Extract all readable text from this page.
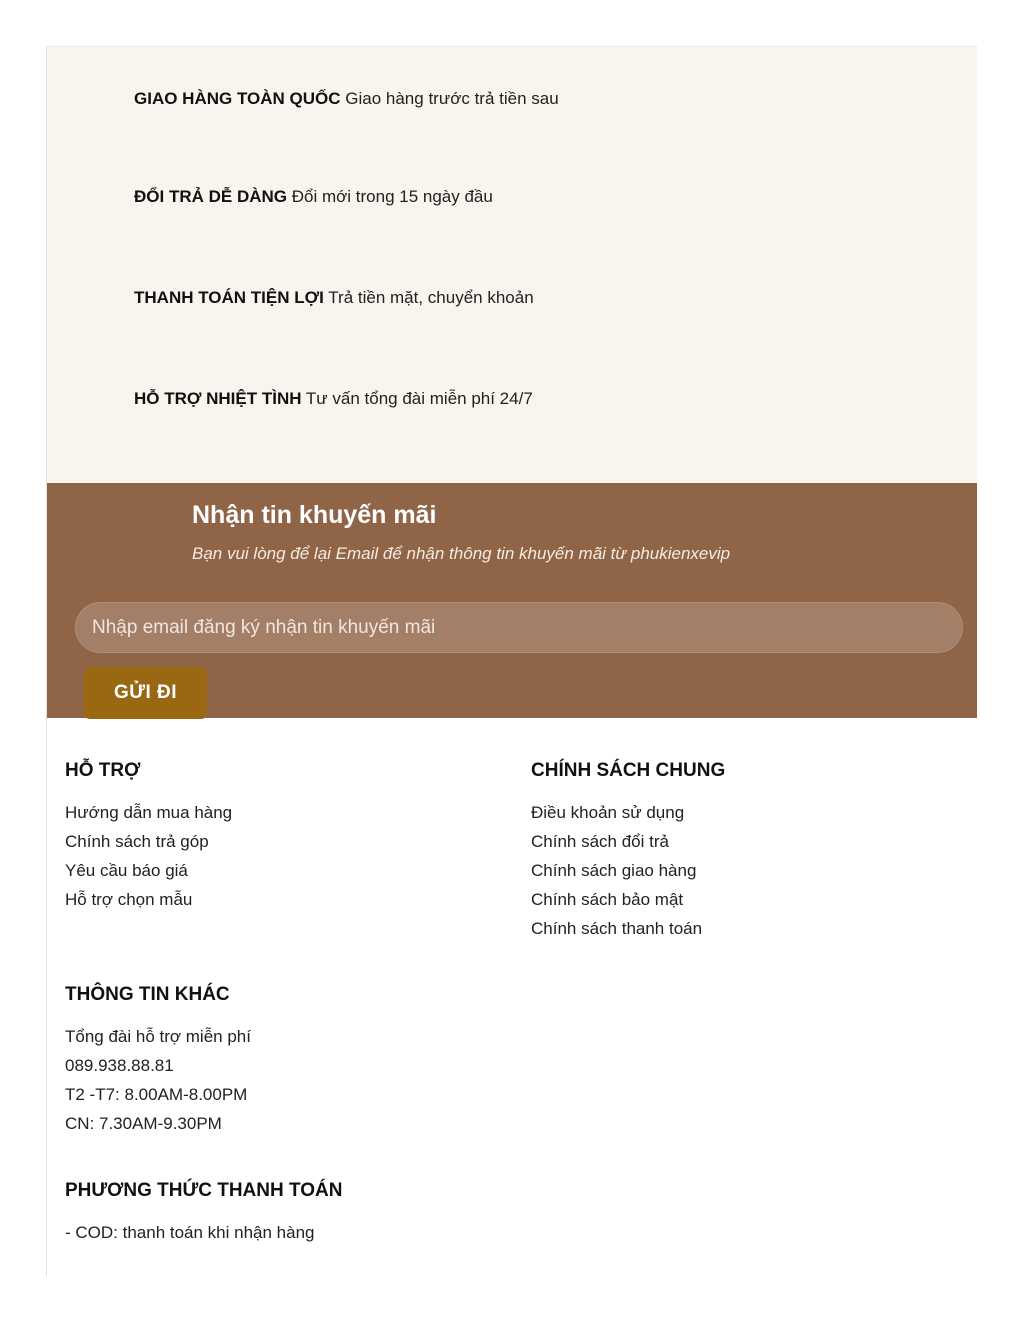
GIAO HÀNG TOÀN QUỐC Giao hàng trước trả tiền sau
ĐỔI TRẢ DỄ DÀNG Đổi mới trong 15 ngày đầu
THANH TOÁN TIỆN LỢI Trả tiền mặt, chuyển khoản
HỖ TRỢ NHIỆT TÌNH Tư vấn tổng đài miễn phí 24/7
Nhận tin khuyến mãi
Bạn vui lòng để lại Email để nhận thông tin khuyến mãi từ phukienxevip
Nhập email đăng ký nhận tin khuyến mãi
GỬI ĐI
HỖ TRỢ
Hướng dẫn mua hàng
Chính sách trả góp
Yêu cầu báo giá
Hỗ trợ chọn mẫu
CHÍNH SÁCH CHUNG
Điều khoản sử dụng
Chính sách đổi trả
Chính sách giao hàng
Chính sách bảo mật
Chính sách thanh toán
THÔNG TIN KHÁC
Tổng đài hỗ trợ miễn phí
089.938.88.81
T2 -T7: 8.00AM-8.00PM
CN: 7.30AM-9.30PM
PHƯƠNG THỨC THANH TOÁN
- COD: thanh toán khi nhận hàng
